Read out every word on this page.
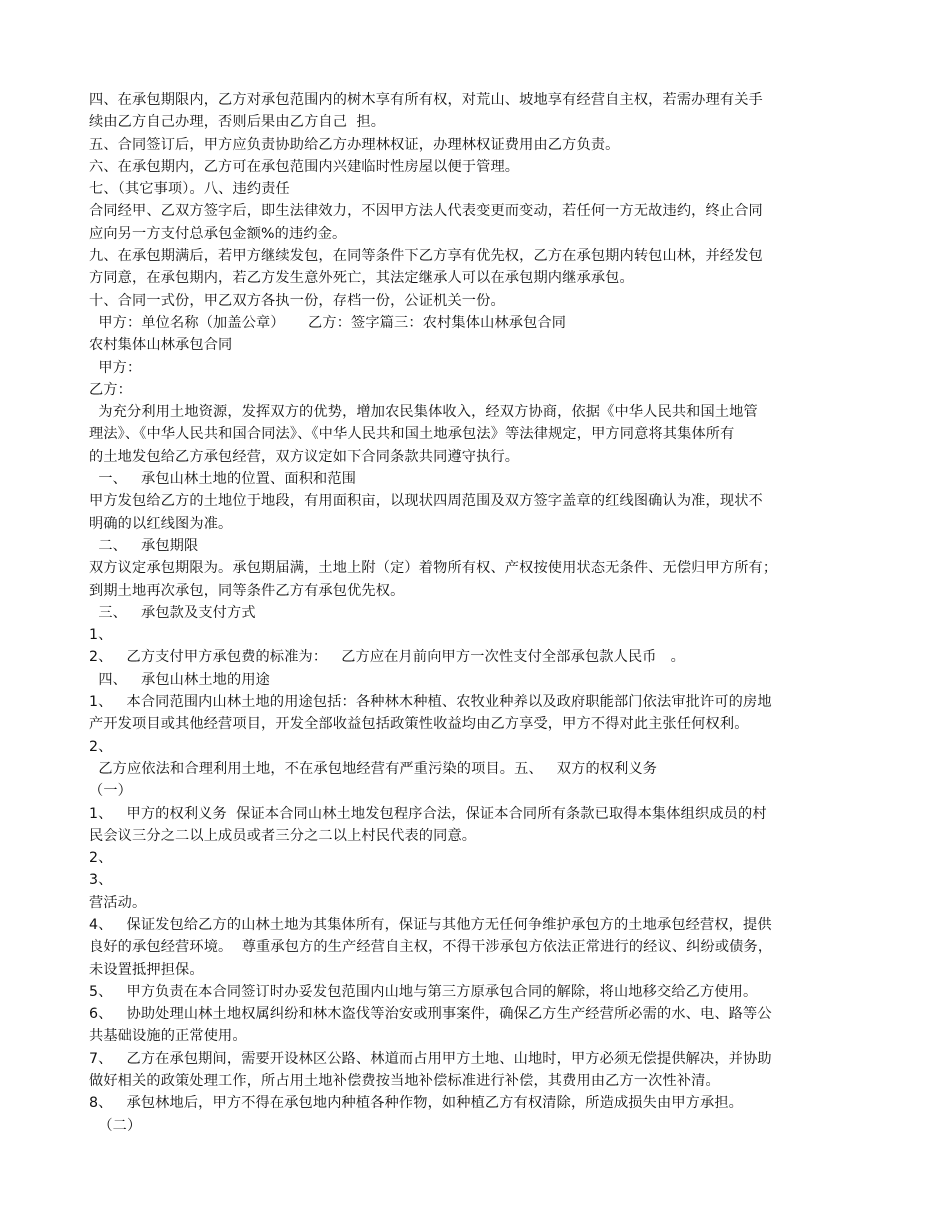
四、在承包期限内，乙方对承包范围内的树木享有所有权，对荒山、坡地享有经营自主权，若需办理有关手
续由乙方自己办理，否则后果由乙方自己  担。
五、合同签订后，甲方应负责协助给乙方办理林权证，办理林权证费用由乙方负责。
六、在承包期内，乙方可在承包范围内兴建临时性房屋以便于管理。
七、（其它事项）。八、违约责任
合同经甲、乙双方签字后，即生法律效力，不因甲方法人代表变更而变动，若任何一方无故违约，终止合同
应向另一方支付总承包金额%的违约金。
九、在承包期满后，若甲方继续发包，在同等条件下乙方享有优先权，乙方在承包期内转包山林，并经发包
方同意，在承包期内，若乙方发生意外死亡，其法定继承人可以在承包期内继承承包。
十、合同一式份，甲乙双方各执一份，存档一份，公证机关一份。
甲方：单位名称（加盖公章）     乙方：签字篇三：农村集体山林承包合同
农村集体山林承包合同
甲方：
乙方：
为充分利用土地资源，发挥双方的优势，增加农民集体收入，经双方协商，依据《中华人民共和国土地管
理法》、《中华人民共和国合同法》、《中华人民共和国土地承包法》等法律规定，甲方同意将其集体所有
的土地发包给乙方承包经营，双方议定如下合同条款共同遵守执行。
一、   承包山林土地的位置、面积和范围
甲方发包给乙方的土地位于地段，有用面积亩，以现状四周范围及双方签字盖章的红线图确认为准，现状不
明确的以红线图为准。
二、   承包期限
双方议定承包期限为。承包期届满，土地上附（定）着物所有权、产权按使用状态无条件、无偿归甲方所有；
到期土地再次承包，同等条件乙方有承包优先权。
三、   承包款及支付方式
1、
2、   乙方支付甲方承包费的标准为：   乙方应在月前向甲方一次性支付全部承包款人民币   。
四、   承包山林土地的用途
1、   本合同范围内山林土地的用途包括：各种林木种植、农牧业种养以及政府职能部门依法审批许可的房地
产开发项目或其他经营项目，开发全部收益包括政策性收益均由乙方享受，甲方不得对此主张任何权利。
2、
乙方应依法和合理利用土地，不在承包地经营有严重污染的项目。五、   双方的权利义务
（一）
1、   甲方的权利义务  保证本合同山林土地发包程序合法，保证本合同所有条款已取得本集体组织成员的村
民会议三分之二以上成员或者三分之二以上村民代表的同意。
2、
3、
营活动。
4、   保证发包给乙方的山林土地为其集体所有，保证与其他方无任何争维护承包方的土地承包经营权，提供
良好的承包经营环境。  尊重承包方的生产经营自主权，不得干涉承包方依法正常进行的经议、纠纷或债务，
未设置抵押担保。
5、   甲方负责在本合同签订时办妥发包范围内山地与第三方原承包合同的解除，将山地移交给乙方使用。
6、   协助处理山林土地权属纠纷和林木盗伐等治安或刑事案件，确保乙方生产经营所必需的水、电、路等公
共基础设施的正常使用。
7、   乙方在承包期间，需要开设林区公路、林道而占用甲方土地、山地时，甲方必须无偿提供解决，并协助
做好相关的政策处理工作，所占用土地补偿费按当地补偿标准进行补偿，其费用由乙方一次性补清。
8、   承包林地后，甲方不得在承包地内种植各种作物，如种植乙方有权清除，所造成损失由甲方承担。
（二）
